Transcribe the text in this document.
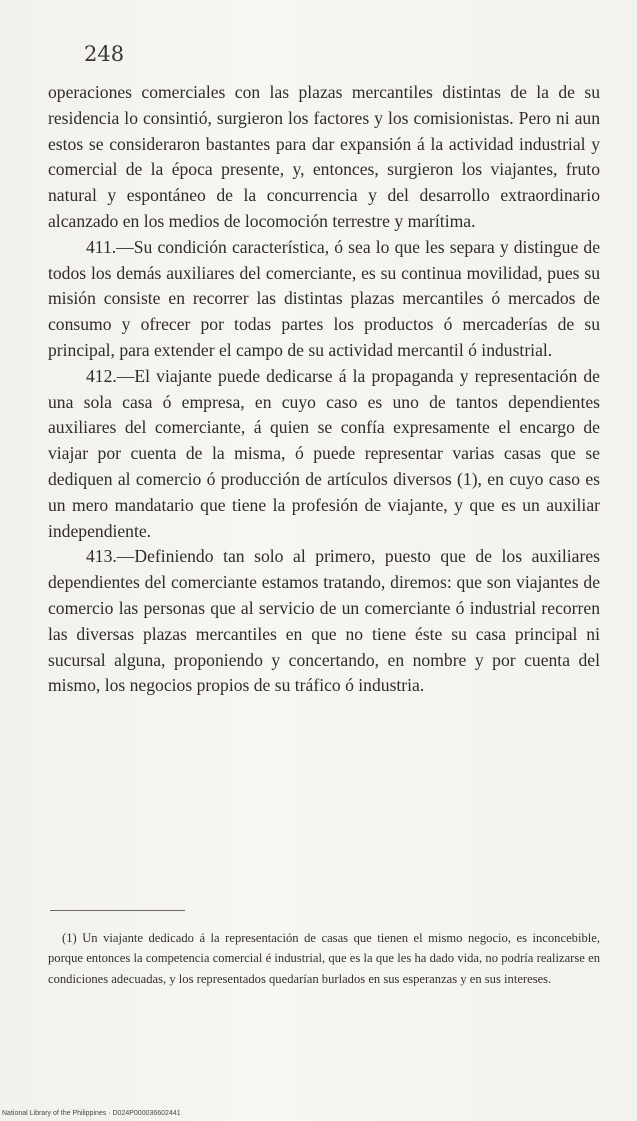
248

operaciones comerciales con las plazas mercantiles distintas de la de su residencia lo consintió, surgieron los factores y los comisionistas. Pero ni aun estos se consideraron bastantes para dar expansión á la actividad industrial y comercial de la época presente, y, entonces, surgieron los viajantes, fruto natural y espontáneo de la concurrencia y del desarrollo extraordinario alcanzado en los medios de locomoción terrestre y marítima.

411.—Su condición característica, ó sea lo que les separa y distingue de todos los demás auxiliares del comerciante, es su continua movilidad, pues su misión consiste en recorrer las distintas plazas mercantiles ó mercados de consumo y ofrecer por todas partes los productos ó mercaderías de su principal, para extender el campo de su actividad mercantil ó industrial.

412.—El viajante puede dedicarse á la propaganda y representación de una sola casa ó empresa, en cuyo caso es uno de tantos dependientes auxiliares del comerciante, á quien se confía expresamente el encargo de viajar por cuenta de la misma, ó puede representar varias casas que se dediquen al comercio ó producción de artículos diversos (1), en cuyo caso es un mero mandatario que tiene la profesión de viajante, y que es un auxiliar independiente.

413.—Definiendo tan solo al primero, puesto que de los auxiliares dependientes del comerciante estamos tratando, diremos: que son viajantes de comercio las personas que al servicio de un comerciante ó industrial recorren las diversas plazas mercantiles en que no tiene éste su casa principal ni sucursal alguna, proponiendo y concertando, en nombre y por cuenta del mismo, los negocios propios de su tráfico ó industria.

(1) Un viajante dedicado á la representación de casas que tienen el mismo negocio, es inconcebible, porque entonces la competencia comercial é industrial, que es la que les ha dado vida, no podría realizarse en condiciones adecuadas, y los representados quedarían burlados en sus esperanzas y en sus intereses.
National Library of the Philippines · D024P000036602441
